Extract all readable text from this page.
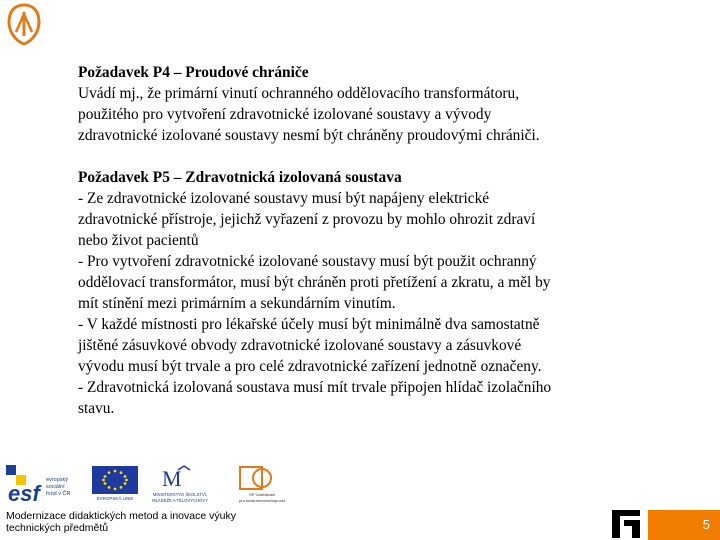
Požadavek P4 – Proudové chrániče
Uvádí mj., že primární vinutí ochranného oddělovacího transformátoru,
použitého pro vytvoření zdravotnické izolované soustavy a vývody
zdravotnické izolované soustavy nesmí být chráněny proudovými chrániči.
Požadavek P5 – Zdravotnická izolovaná soustava
- Ze zdravotnické izolované soustavy musí být napájeny elektrické
zdravotnické přístroje, jejichž vyřazení z provozu by mohlo ohrozit zdraví
nebo život pacientů
- Pro vytvoření zdravotnické izolované soustavy musí být použit ochranný
oddělovací transformátor, musí být chráněn proti přetížení a zkratu, a měl by
mít stínění mezi primárním a sekundárním vinutím.
- V každé místnosti pro lékařské účely musí být minimálně dva samostatně
jištěné zásuvkové obvody zdravotnické izolované soustavy a zásuvkové
vývodu musí být trvale a pro celé zdravotnické zařízení jednotně označeny.
- Zdravotnická izolovaná soustava musí mít trvale připojen hlídač izolačního
stavu.
esf
evropský
sociální
fond v ČR
EVROPSKÁ UNIE
M
MINISTERSTVO ŠKOLSTVÍ,
MLÁDEŽE A TĚLOVÝCHOVY
OP Vzdělávání
pro konkurenceschopnost
Modernizace didaktických metod a inovace výuky
technických předmětů	5
